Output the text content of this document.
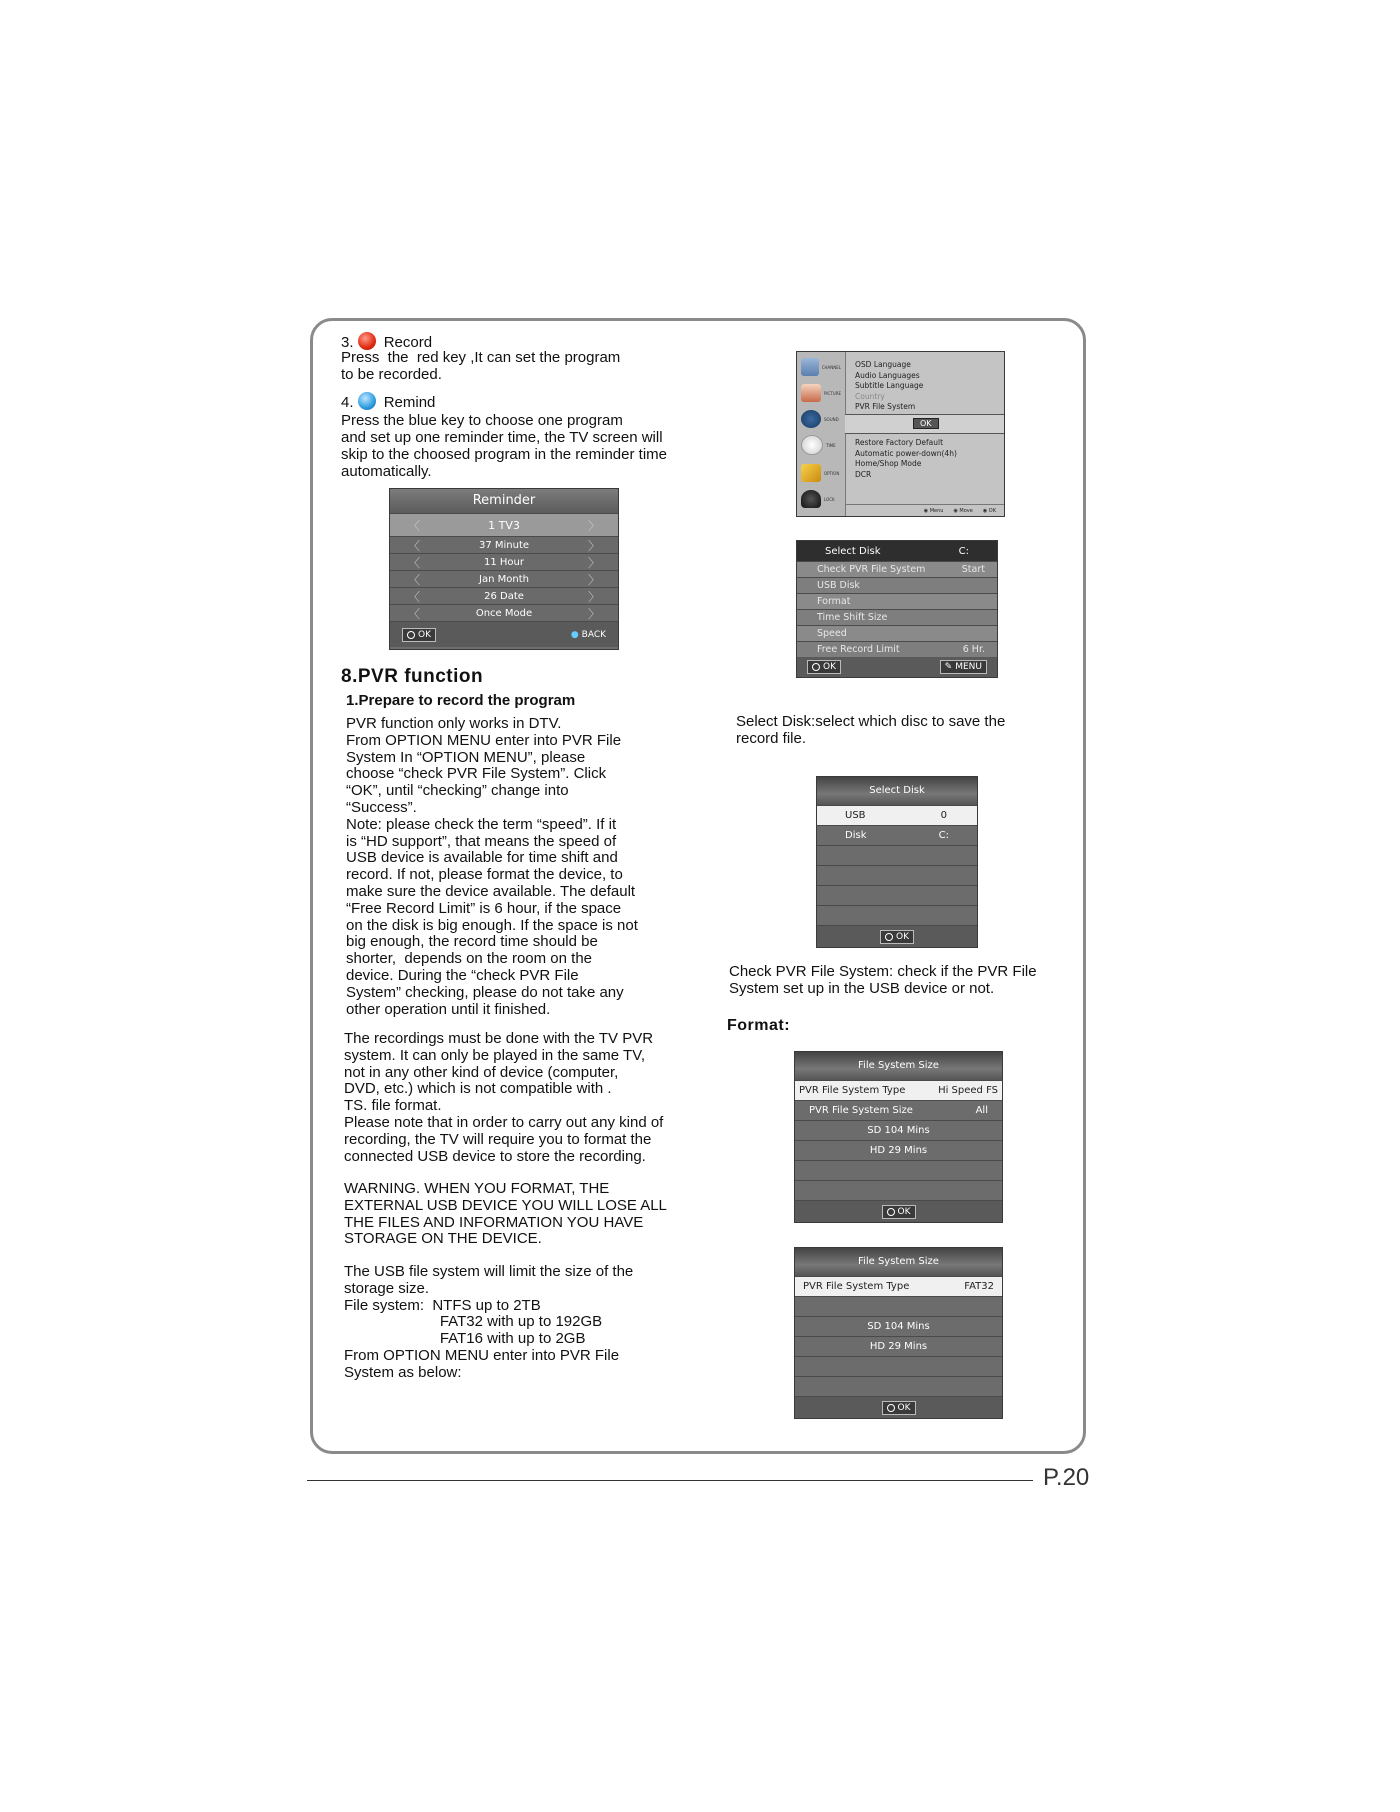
3. Record
Press  the  red key ,It can set the program
to be recorded.
4. Remind
Press the blue key to choose one program
and set up one reminder time, the TV screen will
skip to the choosed program in the reminder time
automatically.
Reminder
〈	1 TV3	〉
〈	37 Minute	〉
〈	11 Hour	〉
〈	Jan Month	〉
〈	26 Date	〉
〈	Once Mode	〉
OK	● BACK
8.PVR function
1.Prepare to record the program
PVR function only works in DTV.
From OPTION MENU enter into PVR File
System In “OPTION MENU”, please
choose “check PVR File System”. Click
“OK”, until “checking” change into
“Success”.
Note: please check the term “speed”. If it
is “HD support”, that means the speed of
USB device is available for time shift and
record. If not, please format the device, to
make sure the device available. The default
“Free Record Limit” is 6 hour, if the space
on the disk is big enough. If the space is not
big enough, the record time should be
shorter,  depends on the room on the
device. During the “check PVR File
System” checking, please do not take any
other operation until it finished.
The recordings must be done with the TV PVR
system. It can only be played in the same TV,
not in any other kind of device (computer,
DVD, etc.) which is not compatible with .
TS. file format.
Please note that in order to carry out any kind of
recording, the TV will require you to format the
connected USB device to store the recording.
WARNING. WHEN YOU FORMAT, THE
EXTERNAL USB DEVICE YOU WILL LOSE ALL
THE FILES AND INFORMATION YOU HAVE
STORAGE ON THE DEVICE.
The USB file system will limit the size of the
storage size.
File system:  NTFS up to 2TB
FAT32 with up to 192GB
FAT16 with up to 2GB
From OPTION MENU enter into PVR File
System as below:
CHANNEL
PICTURE
SOUND
TIME
OPTION
LOCK
OSD Language
Audio Languages
Subtitle Language
Country
PVR File System
OK
Restore Factory Default
Automatic power-down(4h)
Home/Shop Mode
DCR
◉ Menu ◉ Move ◉ OK
Select Disk	C:
Check PVR File System	Start
USB Disk
Format
Time Shift Size
Speed
Free Record Limit	6 Hr.
OK	✎ MENU
Select Disk:select which disc to save the
record file.
Select Disk
USB	0
Disk	C:
OK
Check PVR File System: check if the PVR File
System set up in the USB device or not.
Format:
File System Size
PVR File System Type	Hi Speed FS
PVR File System Size	All
SD 104 Mins
HD 29 Mins
OK
File System Size
PVR File System Type	FAT32
SD 104 Mins
HD 29 Mins
OK
P.20
